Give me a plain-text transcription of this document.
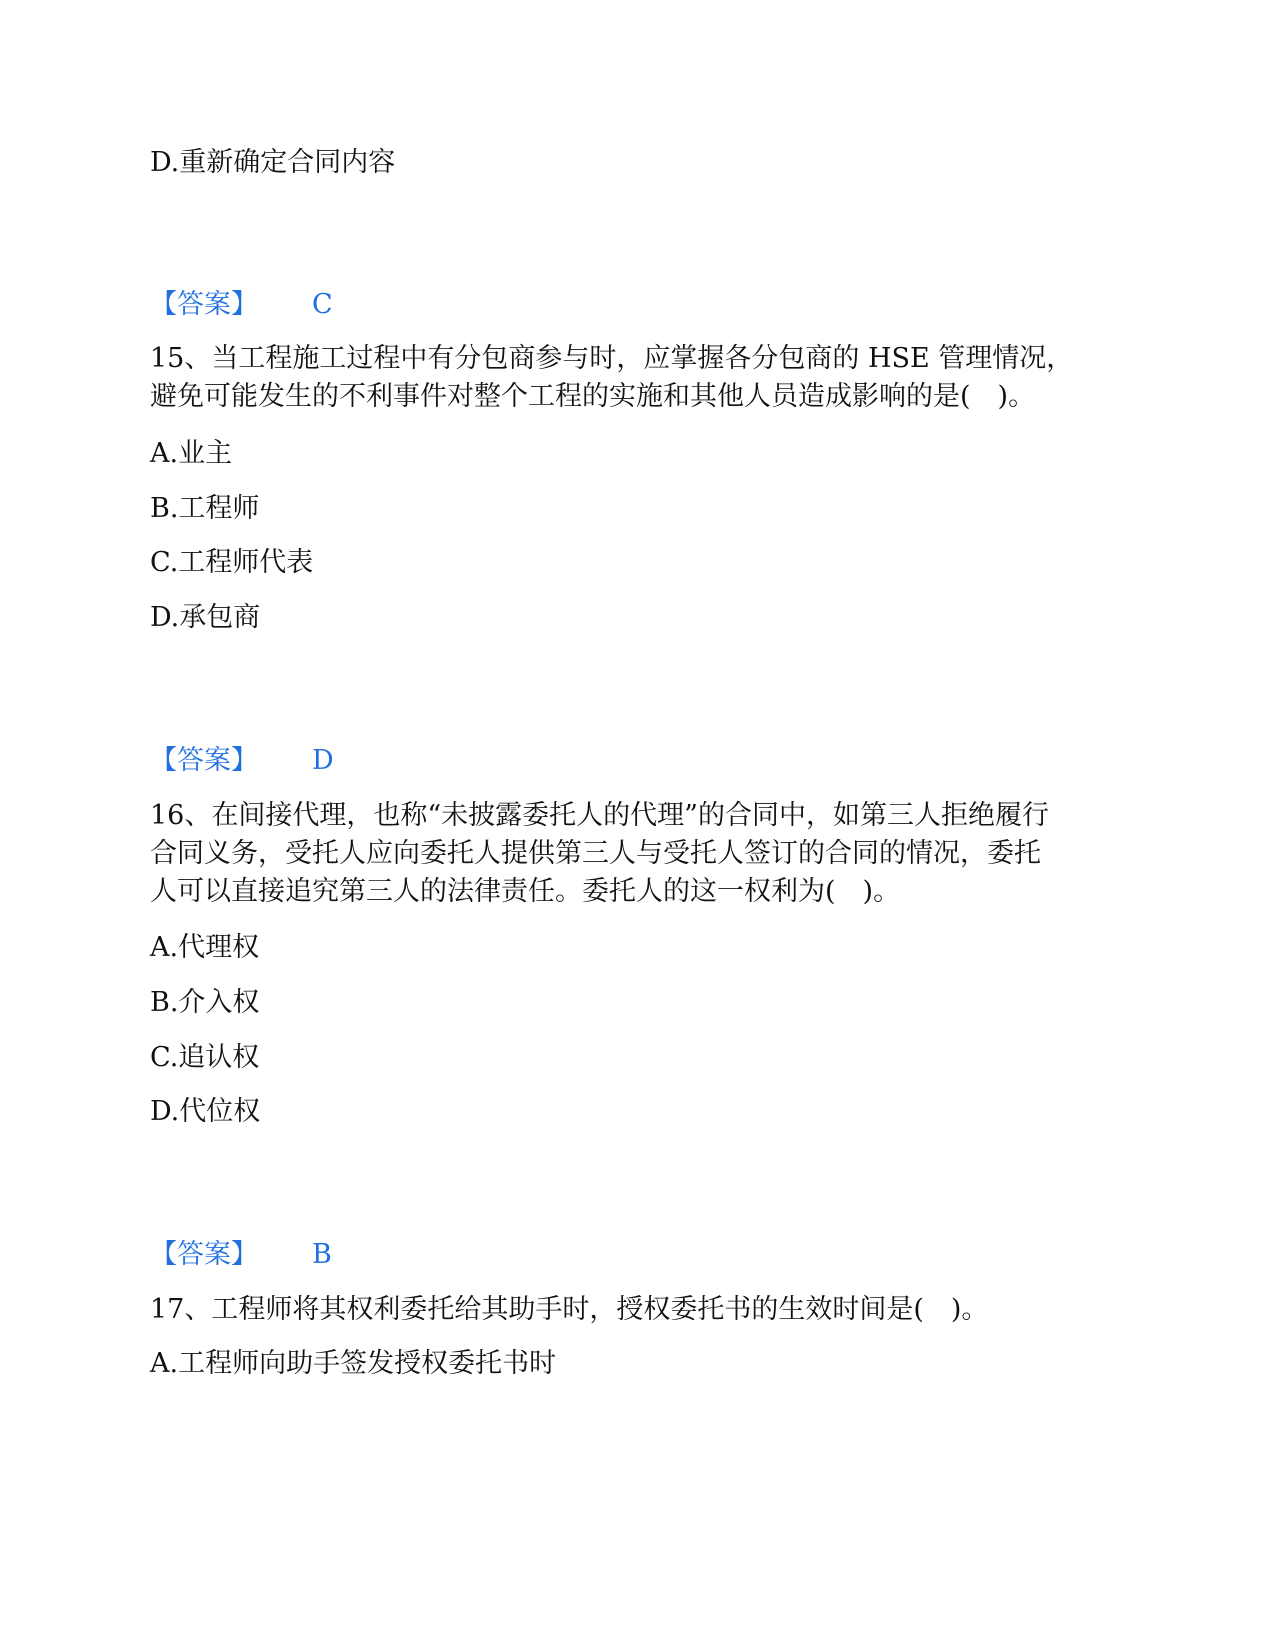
D.重新确定合同内容
【答案】 C
15、当工程施工过程中有分包商参与时，应掌握各分包商的 HSE 管理情况，
避免可能发生的不利事件对整个工程的实施和其他人员造成影响的是(　)。
A.业主
B.工程师
C.工程师代表
D.承包商
【答案】 D
16、在间接代理，也称“未披露委托人的代理”的合同中，如第三人拒绝履行
合同义务，受托人应向委托人提供第三人与受托人签订的合同的情况，委托
人可以直接追究第三人的法律责任。委托人的这一权利为(　)。
A.代理权
B.介入权
C.追认权
D.代位权
【答案】 B
17、工程师将其权利委托给其助手时，授权委托书的生效时间是(　)。
A.工程师向助手签发授权委托书时
